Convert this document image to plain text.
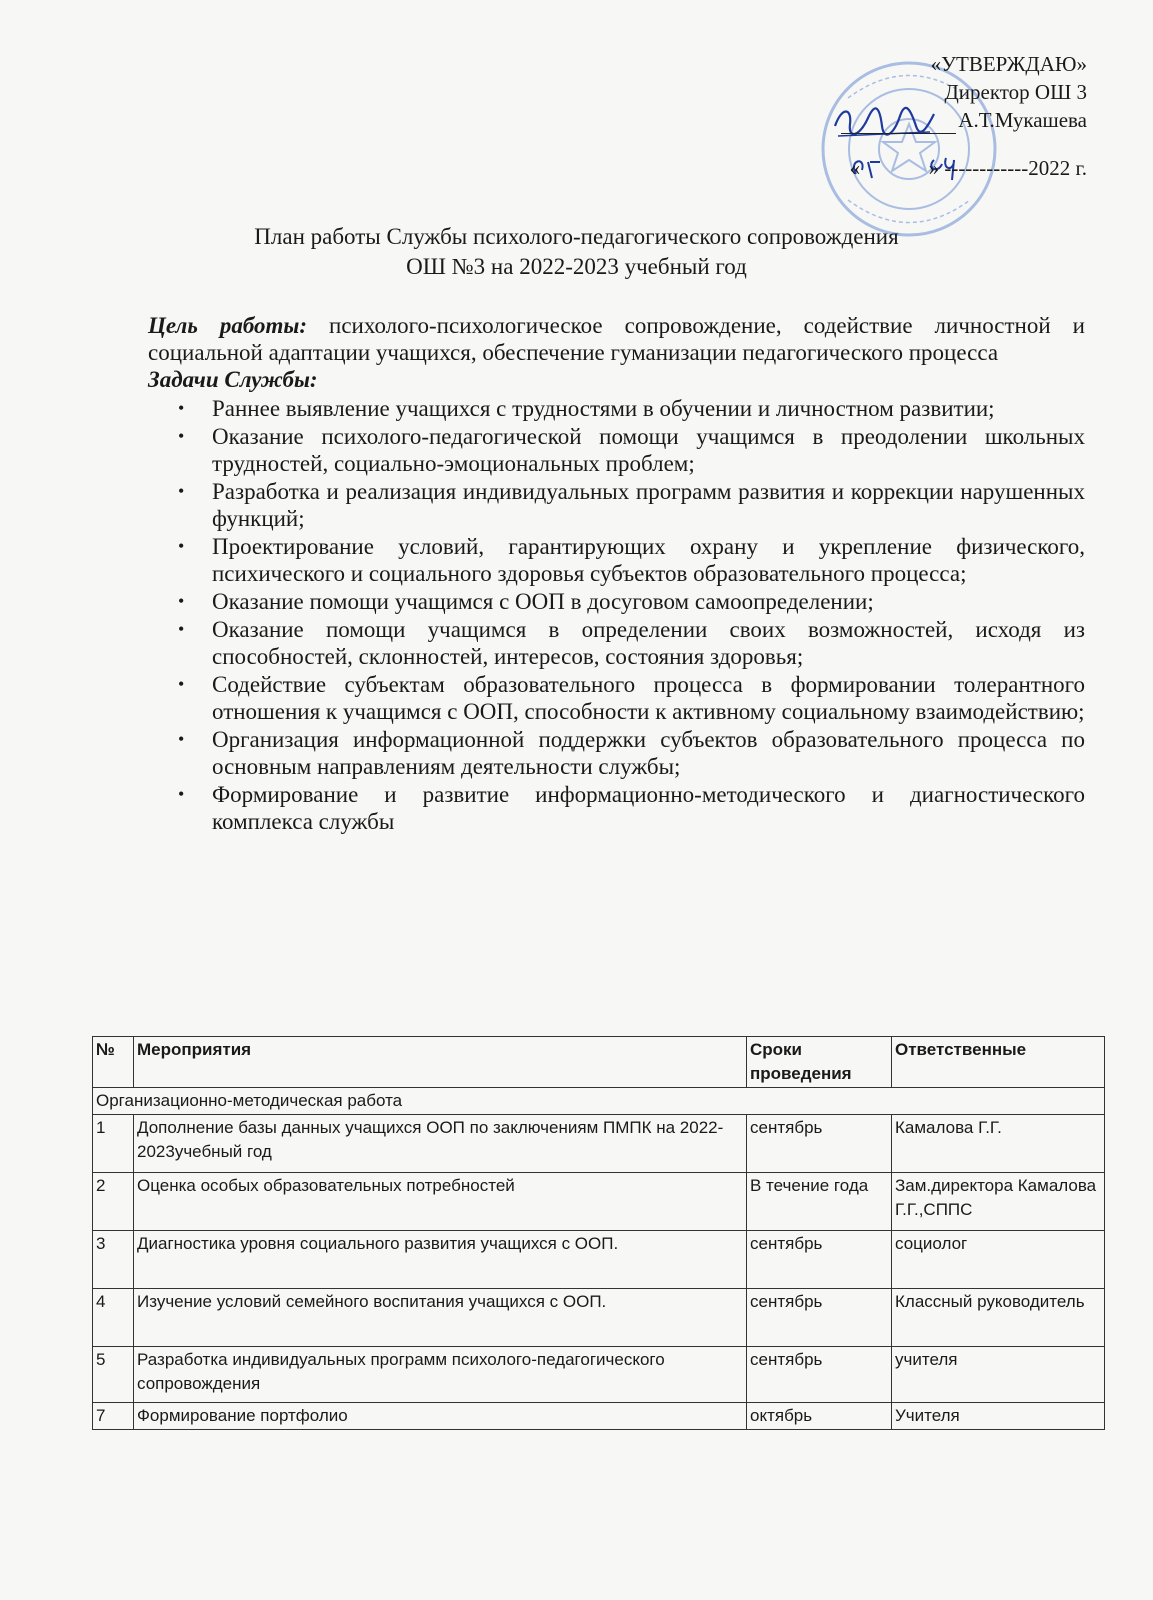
«УТВЕРЖДАЮ»
Директор ОШ 3
А.Т.Мукашева
«	» ------------2022 г.
План работы Службы психолого-педагогического сопровождения
ОШ №3 на 2022-2023 учебный год
Цель работы: психолого-психологическое сопровождение, содействие личностной и социальной адаптации учащихся, обеспечение гуманизации педагогического процесса
Задачи Службы:
• Раннее выявление учащихся с трудностями в обучении и личностном развитии;
• Оказание психолого-педагогической помощи учащимся в преодолении школьных трудностей, социально-эмоциональных проблем;
• Разработка и реализация индивидуальных программ развития и коррекции нарушенных функций;
• Проектирование условий, гарантирующих охрану и укрепление физического, психического и социального здоровья субъектов образовательного процесса;
• Оказание помощи учащимся с ООП в досуговом самоопределении;
• Оказание помощи учащимся в определении своих возможностей, исходя из способностей, склонностей, интересов, состояния здоровья;
• Содействие субъектам образовательного процесса в формировании толерантного отношения к учащимся с ООП, способности к активному социальному взаимодействию;
• Организация информационной поддержки субъектов образовательного процесса по основным направлениям деятельности службы;
• Формирование и развитие информационно-методического и диагностического комплекса службы
№	Мероприятия	Сроки проведения	Ответственные
Организационно-методическая работа			
1	Дополнение базы данных учащихся ООП по заключениям ПМПК на 2022-2023учебный год	сентябрь	Камалова Г.Г.
2	Оценка особых образовательных потребностей	В течение года	Зам.директора Камалова Г.Г.,СППС
3	Диагностика уровня социального развития учащихся с ООП.	сентябрь	социолог
4	Изучение условий семейного воспитания учащихся с ООП.	сентябрь	Классный руководитель
5	Разработка индивидуальных программ психолого-педагогического сопровождения	сентябрь	учителя
7	Формирование портфолио	октябрь	Учителя
